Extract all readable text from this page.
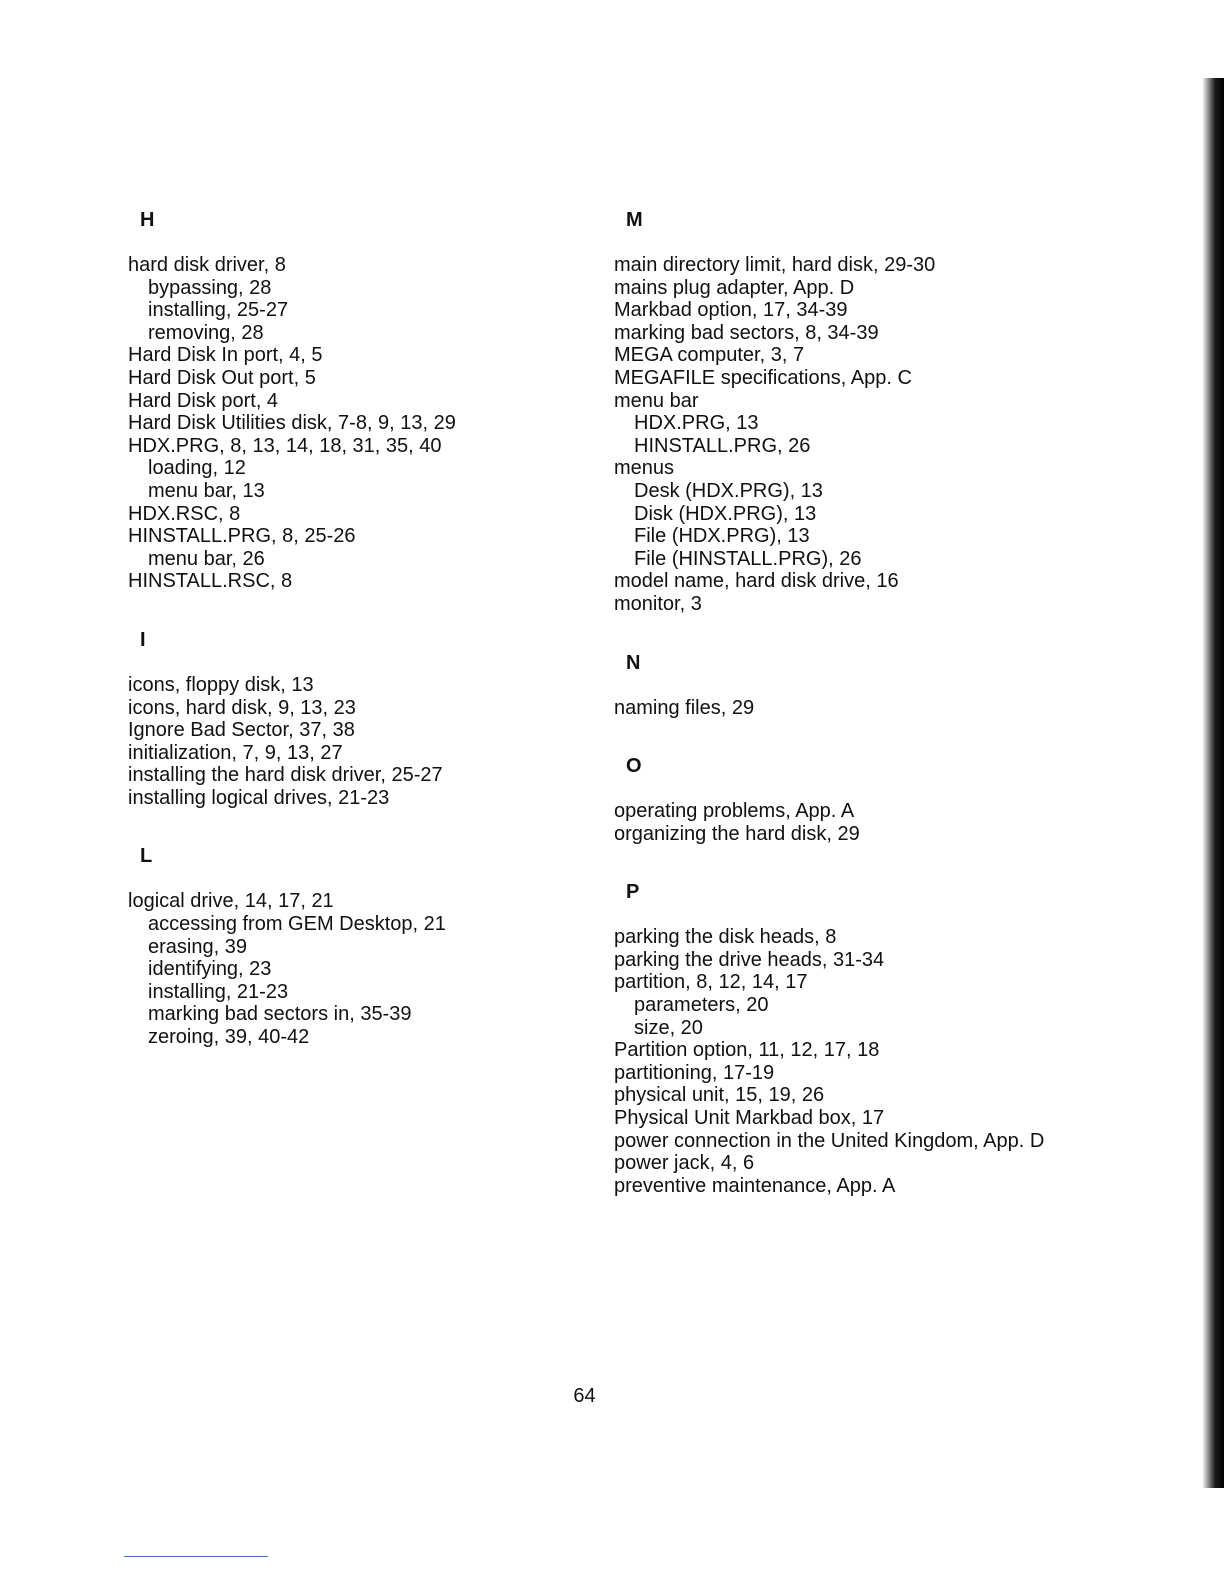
H
hard disk driver, 8
bypassing, 28
installing, 25-27
removing, 28
Hard Disk In port, 4, 5
Hard Disk Out port, 5
Hard Disk port, 4
Hard Disk Utilities disk, 7-8, 9, 13, 29
HDX.PRG, 8, 13, 14, 18, 31, 35, 40
loading, 12
menu bar, 13
HDX.RSC, 8
HINSTALL.PRG, 8, 25-26
menu bar, 26
HINSTALL.RSC, 8
I
icons, floppy disk, 13
icons, hard disk, 9, 13, 23
Ignore Bad Sector, 37, 38
initialization, 7, 9, 13, 27
installing the hard disk driver, 25-27
installing logical drives, 21-23
L
logical drive, 14, 17, 21
accessing from GEM Desktop, 21
erasing, 39
identifying, 23
installing, 21-23
marking bad sectors in, 35-39
zeroing, 39, 40-42
M
main directory limit, hard disk, 29-30
mains plug adapter, App. D
Markbad option, 17, 34-39
marking bad sectors, 8, 34-39
MEGA computer, 3, 7
MEGAFILE specifications, App. C
menu bar
HDX.PRG, 13
HINSTALL.PRG, 26
menus
Desk (HDX.PRG), 13
Disk (HDX.PRG), 13
File (HDX.PRG), 13
File (HINSTALL.PRG), 26
model name, hard disk drive, 16
monitor, 3
N
naming files, 29
O
operating problems, App. A
organizing the hard disk, 29
P
parking the disk heads, 8
parking the drive heads, 31-34
partition, 8, 12, 14, 17
parameters, 20
size, 20
Partition option, 11, 12, 17, 18
partitioning, 17-19
physical unit, 15, 19, 26
Physical Unit Markbad box, 17
power connection in the United Kingdom, App. D
power jack, 4, 6
preventive maintenance, App. A
64
